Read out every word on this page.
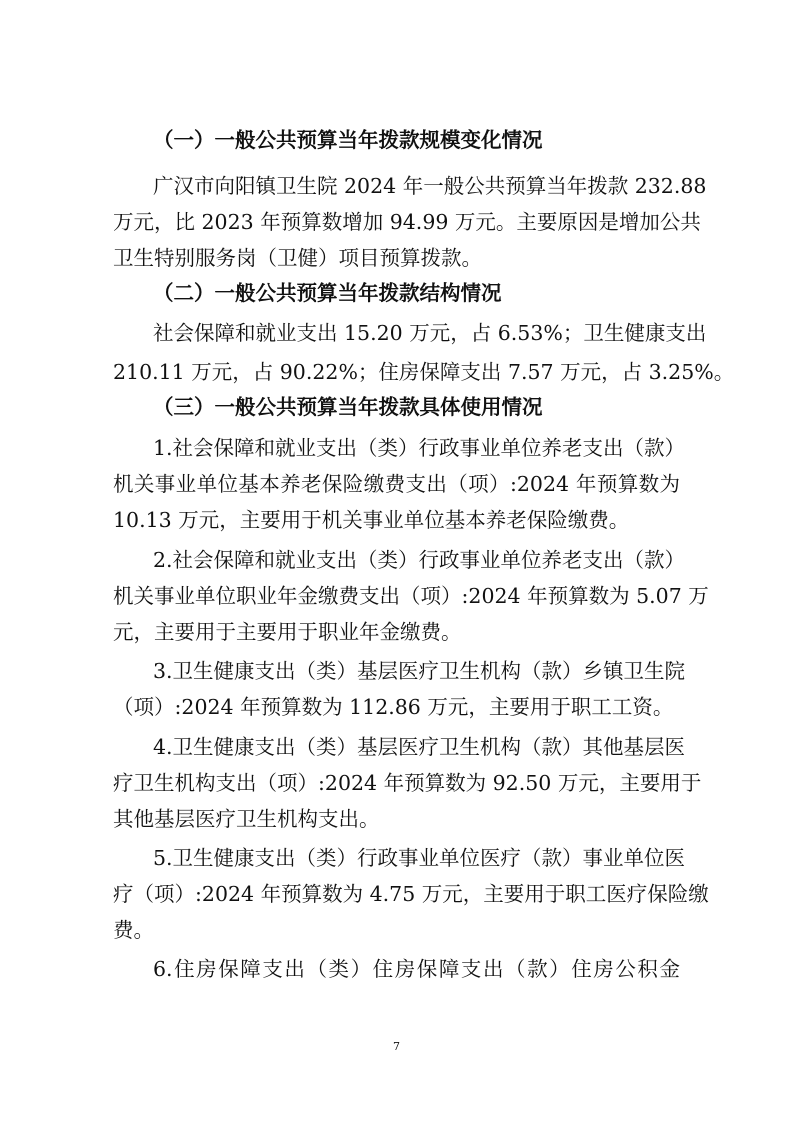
（一）一般公共预算当年拨款规模变化情况
广汉市向阳镇卫生院 2024 年一般公共预算当年拨款 232.88
万元，比 2023 年预算数增加 94.99 万元。主要原因是增加公共
卫生特别服务岗（卫健）项目预算拨款。
（二）一般公共预算当年拨款结构情况
社会保障和就业支出 15.20 万元，占 6.53%；卫生健康支出
210.11 万元，占 90.22%；住房保障支出 7.57 万元，占 3.25%。
（三）一般公共预算当年拨款具体使用情况
1.社会保障和就业支出（类）行政事业单位养老支出（款）
机关事业单位基本养老保险缴费支出（项）:2024 年预算数为
10.13 万元，主要用于机关事业单位基本养老保险缴费。
2.社会保障和就业支出（类）行政事业单位养老支出（款）
机关事业单位职业年金缴费支出（项）:2024 年预算数为 5.07 万
元，主要用于主要用于职业年金缴费。
3.卫生健康支出（类）基层医疗卫生机构（款）乡镇卫生院
（项）:2024 年预算数为 112.86 万元，主要用于职工工资。
4.卫生健康支出（类）基层医疗卫生机构（款）其他基层医
疗卫生机构支出（项）:2024 年预算数为 92.50 万元，主要用于
其他基层医疗卫生机构支出。
5.卫生健康支出（类）行政事业单位医疗（款）事业单位医
疗（项）:2024 年预算数为 4.75 万元，主要用于职工医疗保险缴
费。
6.住房保障支出（类）住房保障支出（款）住房公积金
7
